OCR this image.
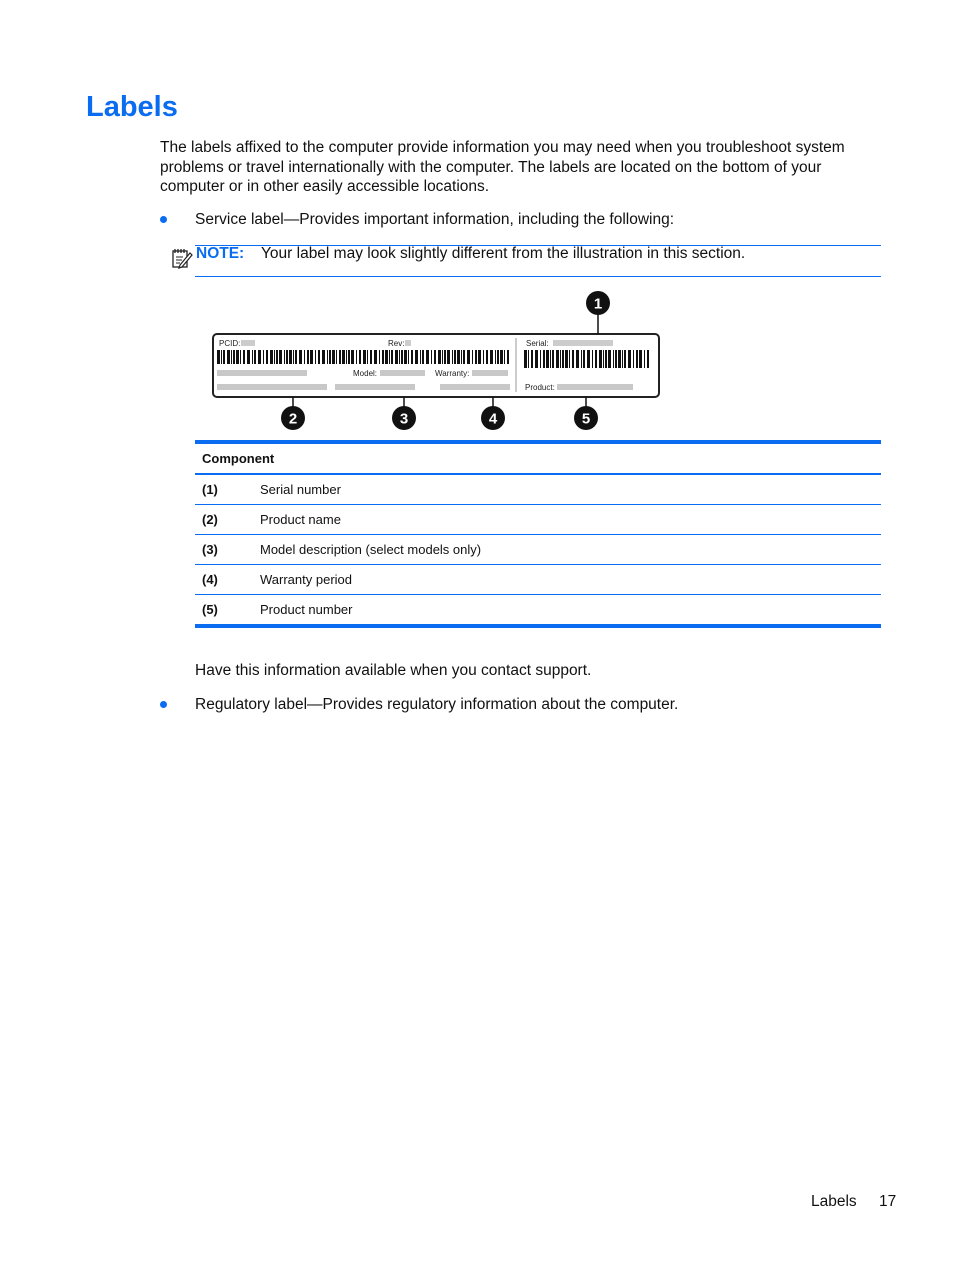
Labels

The labels affixed to the computer provide information you may need when you troubleshoot system problems or travel internationally with the computer. The labels are located on the bottom of your computer or in other easily accessible locations.

Service label—Provides important information, including the following:
NOTE: Your label may look slightly different from the illustration in this section.
PCID:	Rev:	Serial:
Model:	Warranty:
Product:
1
2	3	4	5
Component
(1)	Serial number
(2)	Product name
(3)	Model description (select models only)
(4)	Warranty period
(5)	Product number

Have this information available when you contact support.

Regulatory label—Provides regulatory information about the computer.
Labels 17
